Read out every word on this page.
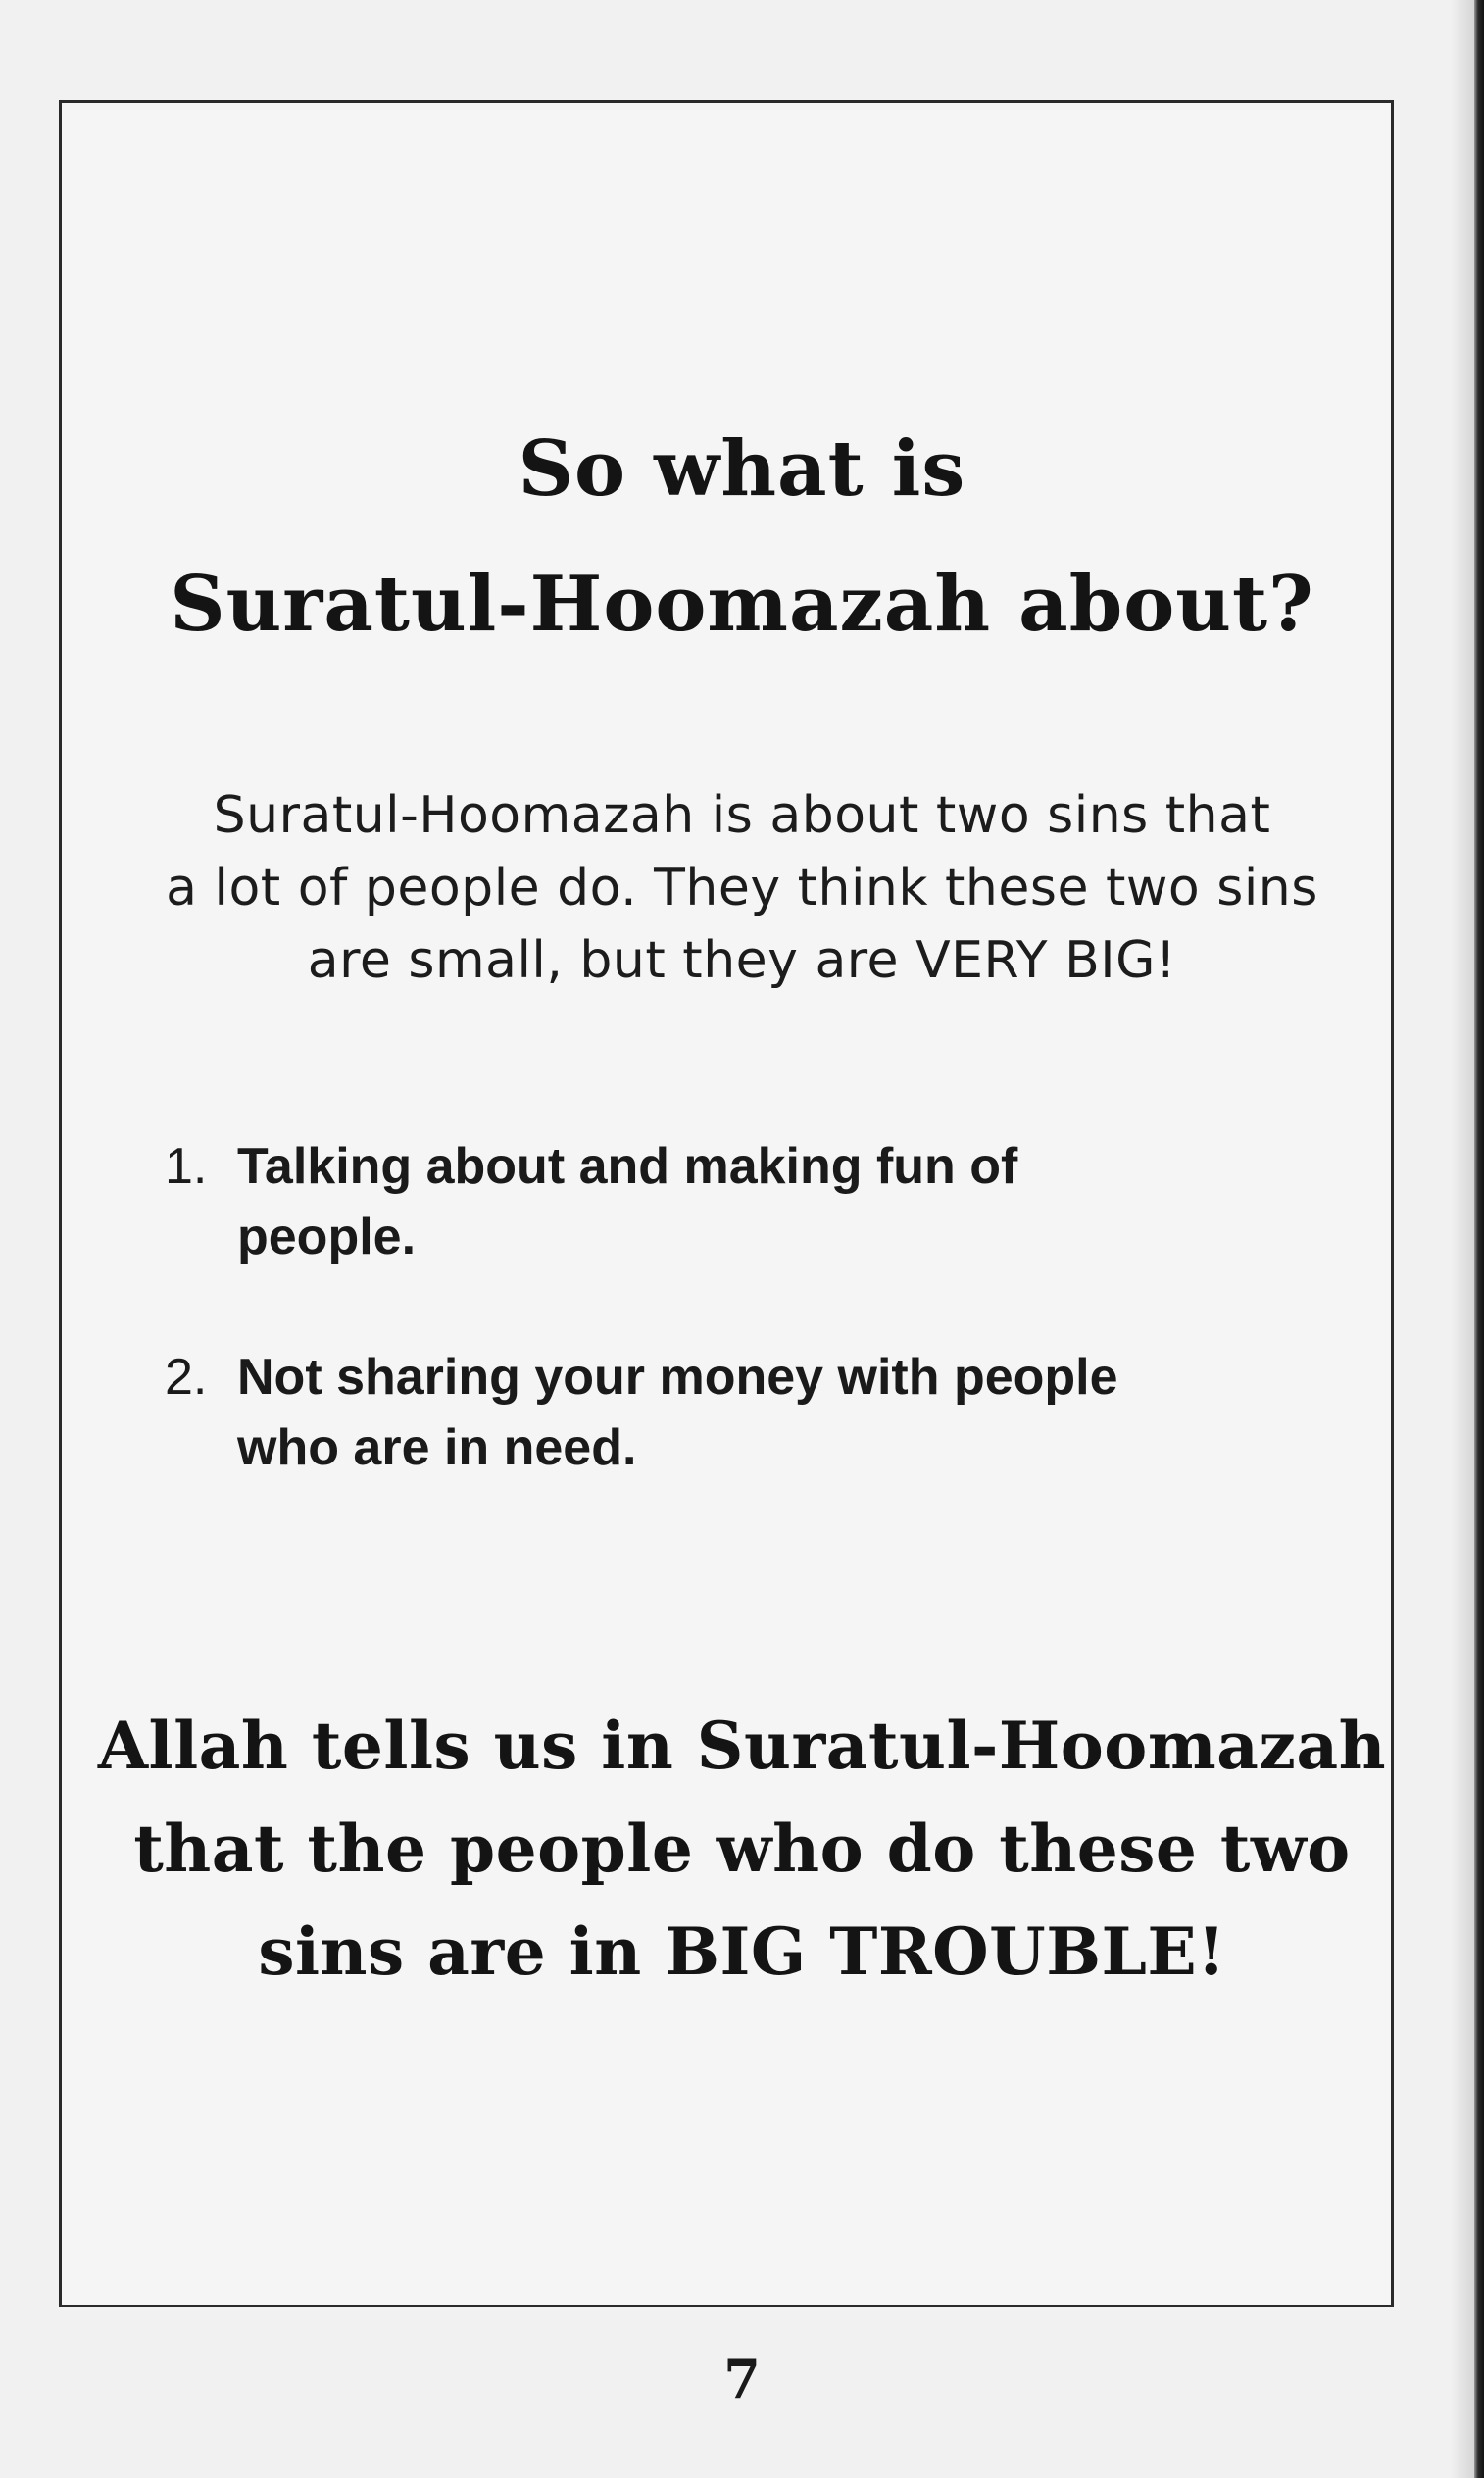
So what is
Suratul-Hoomazah about?
Suratul-Hoomazah is about two sins that
a lot of people do. They think these two sins
are small, but they are VERY BIG!
1. Talking about and making fun of
people.
2. Not sharing your money with people
who are in need.
Allah tells us in Suratul-Hoomazah
that the people who do these two
sins are in BIG TROUBLE!
7
